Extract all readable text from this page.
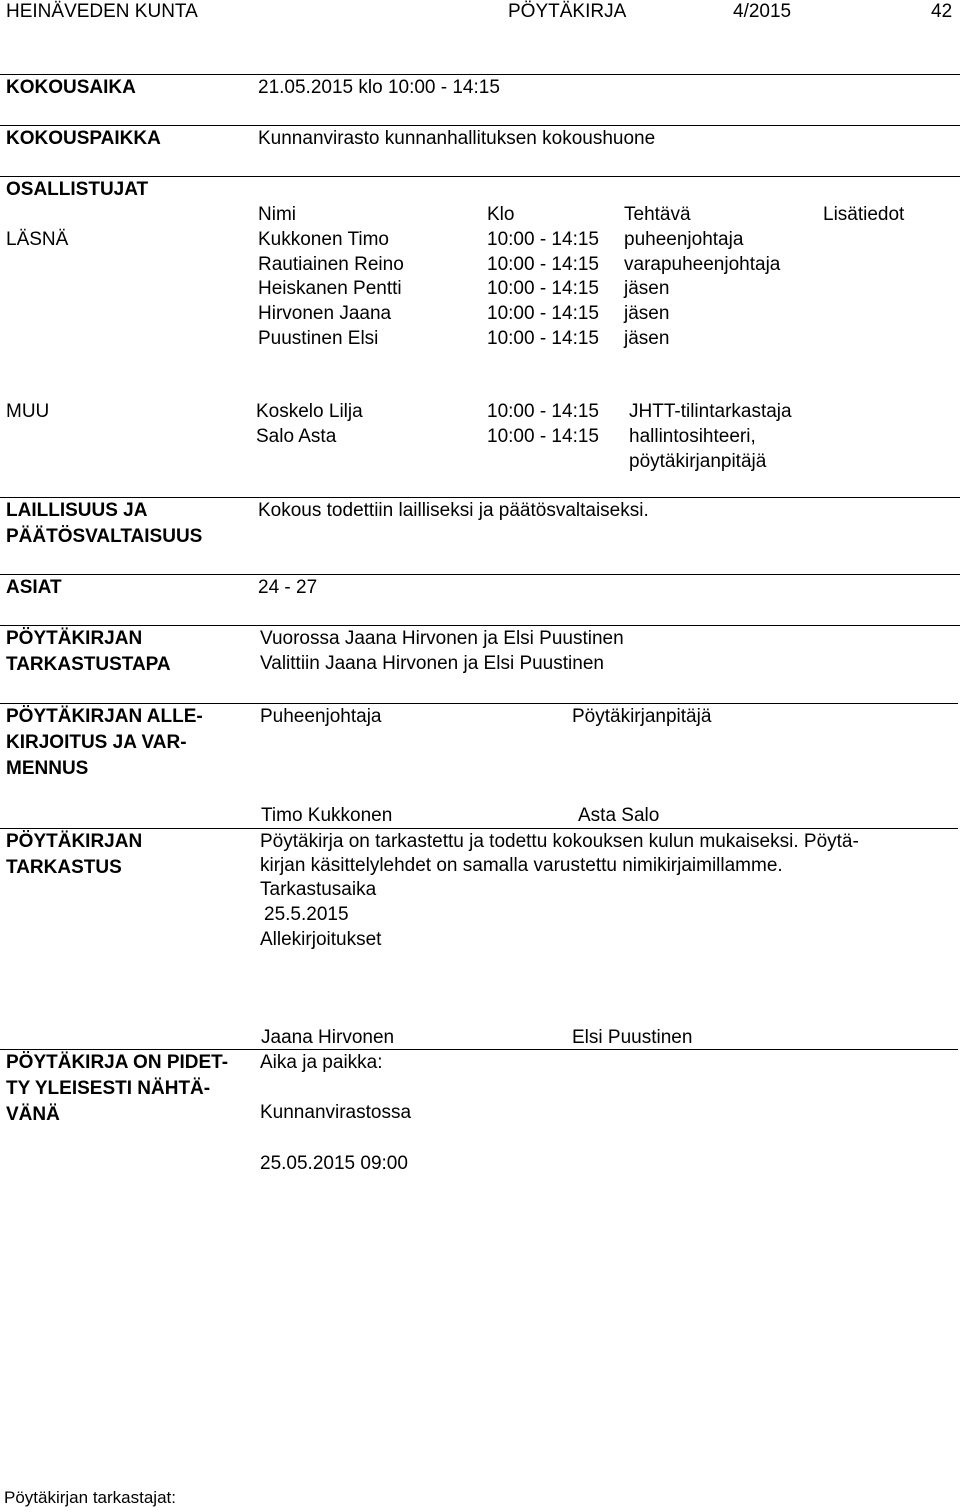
HEINÄVEDEN KUNTA	PÖYTÄKIRJA	4/2015	42
KOKOUSAIKA	21.05.2015 klo 10:00 - 14:15
KOKOUSPAIKKA	Kunnanvirasto kunnanhallituksen kokoushuone
OSALLISTUJAT
Nimi	Klo	Tehtävä	Lisätiedot
LÄSNÄ	Kukkonen Timo	10:00 - 14:15 puheenjohtaja
Rautiainen Reino	10:00 - 14:15 varapuheenjohtaja
Heiskanen Pentti	10:00 - 14:15 jäsen
Hirvonen Jaana	10:00 - 14:15 jäsen
Puustinen Elsi	10:00 - 14:15 jäsen
MUU	Koskelo Lilja	10:00 - 14:15 JHTT-tilintarkastaja
Salo Asta	10:00 - 14:15 hallintosihteeri,
pöytäkirjanpitäjä
LAILLISUUS JA
PÄÄTÖSVALTAISUUS
Kokous todettiin lailliseksi ja päätösvaltaiseksi.
ASIAT	24 - 27
PÖYTÄKIRJAN
TARKASTUSTAPA
Vuorossa Jaana Hirvonen ja Elsi Puustinen
Valittiin Jaana Hirvonen ja Elsi Puustinen
PÖYTÄKIRJAN ALLE-
KIRJOITUS JA VAR-
MENNUS
Puheenjohtaja	Pöytäkirjanpitäjä
Timo Kukkonen	Asta Salo
PÖYTÄKIRJAN
TARKASTUS
Pöytäkirja on tarkastettu ja todettu kokouksen kulun mukaiseksi. Pöytä-
kirjan käsittelylehdet on samalla varustettu nimikirjaimillamme.
Tarkastusaika
25.5.2015
Allekirjoitukset
Jaana Hirvonen	Elsi Puustinen
PÖYTÄKIRJA ON PIDET-
TY YLEISESTI NÄHTÄ-
VÄNÄ
Aika ja paikka:
Kunnanvirastossa
25.05.2015 09:00
Pöytäkirjan tarkastajat:
